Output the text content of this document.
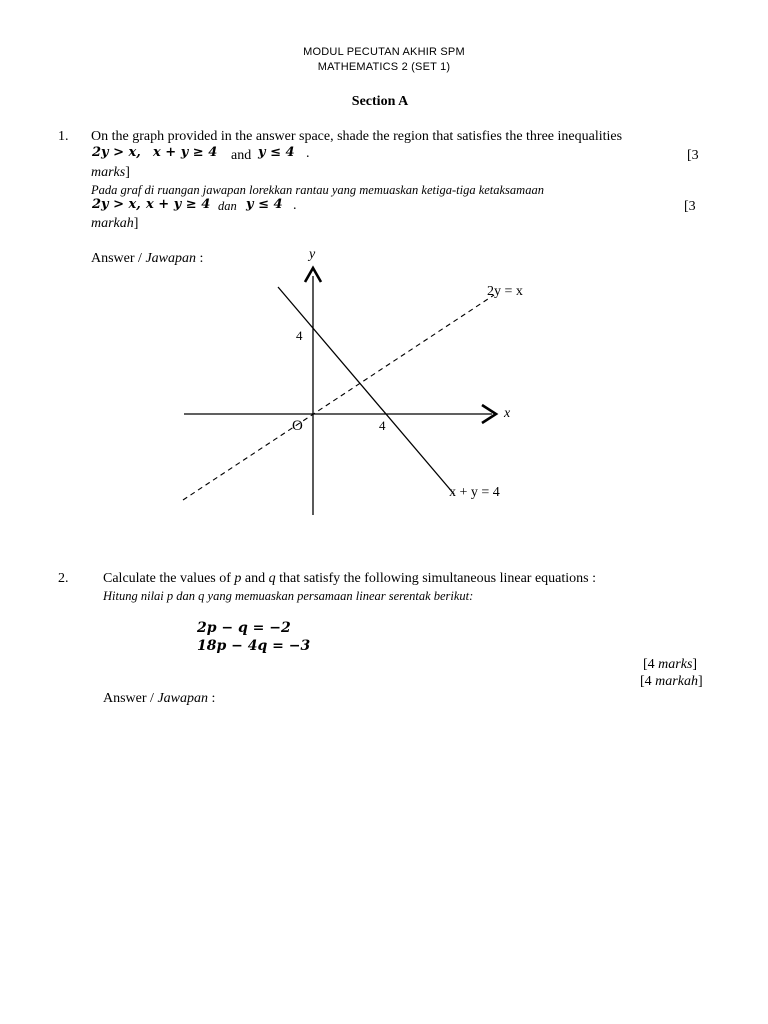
MODUL PECUTAN AKHIR SPM
MATHEMATICS 2 (SET 1)
Section A
1. On the graph provided in the answer space, shade the region that satisfies the three inequalities
2y > x, x + y ≥ 4 and y ≤ 4 .	[3
marks]
Pada graf di ruangan jawapan lorekkan rantau yang memuaskan ketiga-tiga ketaksamaan
2y > x, x + y ≥ 4 dan y ≤ 4 .	[3
markah]
Answer / Jawapan :	y
x
O	4
4
2y = x
x + y = 4
2. Calculate the values of p and q that satisfy the following simultaneous linear equations :
Hitung nilai p dan q yang memuaskan persamaan linear serentak berikut:
2p − q = −2
18p − 4q = −3
[4 marks]
[4 markah]
Answer / Jawapan :
